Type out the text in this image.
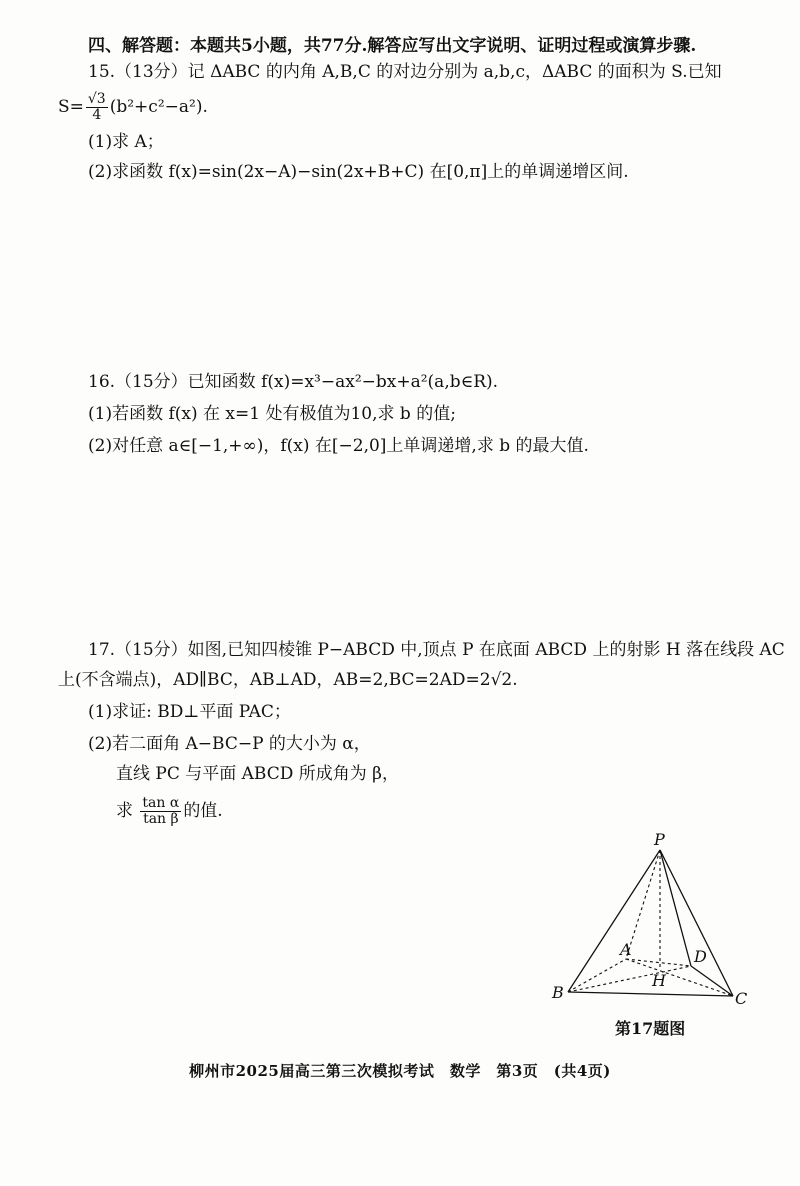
四、解答题：本题共5小题，共77分.解答应写出文字说明、证明过程或演算步骤.
15.（13分）记 ΔABC 的内角 A,B,C 的对边分别为 a,b,c，ΔABC 的面积为 S.已知
$S= \frac{√3}{4} (b^2+c^2-a^2)$.
(1)求 A；
(2)求函数 f(x)=sin(2x−A)−sin(2x+B+C) 在[0,π]上的单调递增区间.
16.（15分）已知函数 f(x)=x³−ax²−bx+a²(a,b∈R).
(1)若函数 f(x) 在 x=1 处有极值为10,求 b 的值;
(2)对任意 a∈[−1,+∞)，f(x) 在[−2,0]上单调递增,求 b 的最大值.
17.（15分）如图,已知四棱锥 P−ABCD 中,顶点 P 在底面 ABCD 上的射影 H 落在线段 AC
上(不含端点)，AD∥BC，AB⊥AD，AB=2,BC=2AD=2√2.
(1)求证: BD⊥平面 PAC；
(2)若二面角 A−BC−P 的大小为 α，
直线 PC 与平面 ABCD 所成角为 β，
求 $\frac{\text{tan α}}{\text{tan β}}$ 的值.
P
A	D
H
B	C
第17题图
柳州市2025届高三第三次模拟考试　数学　第3页　(共4页)
